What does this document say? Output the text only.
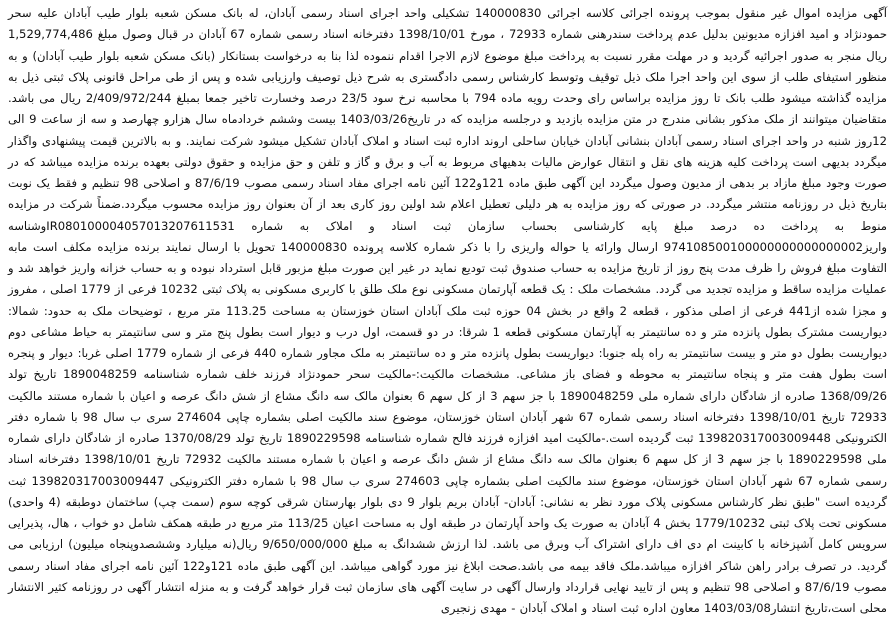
آگهی مزایده اموال غیر منقول بموجب پرونده اجرائی کلاسه اجرائی 140000830 تشکیلی واحد اجرای اسناد رسمی آبادان، له بانک مسکن شعبه بلوار طیب آبادان علیه سحر حمودنژاد و امید افزازه مدیونین بدلیل عدم پرداخت سندرهنی شماره 72933 ، مورخ 1398/10/01 دفترخانه اسناد رسمی شماره 67 آبادان در قبال وصول مبلغ 1,529,774,486 ریال منجر به صدور اجرائیه گردید و در مهلت مقرر نسبت به پرداخت مبلغ موضوع لازم الاجرا اقدام ننموده لذا بنا به درخواست بستانکار (بانک مسکن شعبه بلوار طیب آبادان) و به منظور استیفای طلب از سوی این واحد اجرا ملک ذیل توقیف وتوسط کارشناس رسمی دادگستری به شرح ذیل توصیف وارزیابی شده و پس از طی مراحل قانونی پلاک ثبتی ذیل به مزایده گذاشته میشود طلب بانک تا روز مزایده براساس رای وحدت رویه ماده 794 با محاسبه نرخ سود 23/5 درصد وخسارت تاخیر جمعا بمبلغ 2/409/972/244 ریال می باشد. متقاضیان میتوانند از ملک مذکور بشانی مندرج در متن مزایده بازدید و درجلسه مزایده که در تاریخ1403/03/26 بیست وششم خردادماه سال هزارو چهارصد و سه از ساعت 9 الی 12روز شنبه در واحد اجرای اسناد رسمی آبادان بنشانی آبادان خیابان ساحلی اروند اداره ثبت اسناد و املاک آبادان تشکیل میشود شرکت نمایند. و به بالاترین قیمت پیشنهادی واگذار میگردد بدیهی است پرداخت کلیه هزینه های نقل و انتقال عوارض مالیات بدهیهای مربوط به آب و برق و گاز و تلفن و حق مزایده و حقوق دولتی بعهده برنده مزایده میباشد که در صورت وجود مبلغ مازاد بر بدهی از مدیون وصول میگردد این آگهی طبق ماده 121و122 آئین نامه اجرای مفاد اسناد رسمی مصوب 87/6/19 و اصلاحی 98 تنظیم و فقط یک نوبت بتاریخ ذیل در روزنامه منتشر میگردد. در صورتی که روز مزایده به هر دلیلی تعطیل اعلام شد اولین روز کاری بعد از آن بعنوان روز مزایده محسوب میگردد.ضمناً شرکت در مزایده منوط به پرداخت ده درصد مبلغ پایه کارشناسی بحساب سازمان ثبت اسناد و املاک به شماره IR080100004057013207611531وشناسه واریز974108500100000000000000002 ارسال وارائه یا حواله واریزی را با ذکر شماره کلاسه پرونده 140000830 تحویل با ارسال نمایند برنده مزایده مکلف است مابه التفاوت مبلغ فروش را ظرف مدت پنج روز از تاریخ مزایده به حساب صندوق ثبت تودیع نماید در غیر این صورت مبلغ مزبور قابل استرداد نبوده و به حساب خزانه واریز خواهد شد و عملیات مزایده ساقط و مزایده تجدید می گردد. مشخصات ملک : یک قطعه آپارتمان مسکونی نوع ملک طلق با کاربری مسکونی به پلاک ثبتی 10232 فرعی از 1779 اصلی ، مفروز و مجزا شده از441 فرعی از اصلی مذکور ، قطعه 2 واقع در بخش 04 حوزه ثبت ملک آبادان استان خوزستان به مساحت 113.25 متر مربع ، توضیحات ملک به حدود: شمالا: دیواریست مشترک بطول پانزده متر و ده سانتیمتر به آپارتمان مسکونی قطعه 1 شرقا: در دو قسمت، اول درب و دیوار است بطول پنج متر و سی سانتیمتر به حیاط مشاعی دوم دیواریست بطول دو متر و بیست سانتیمتر به راه پله جنوبا: دیواریست بطول پانزده متر و ده سانتیمتر به ملک مجاور شماره 440 فرعی از شماره 1779 اصلی غربا: دیوار و پنجره است بطول هفت متر و پنجاه سانتیمتر به محوطه و فضای باز مشاعی. مشخصات مالکیت:-مالکیت سحر حمودنژاد فرزند خلف شماره شناسنامه 1890048259 تاریخ تولد 1368/09/26 صادره از شادگان دارای شماره ملی 1890048259 با جز سهم 3 از کل سهم 6 بعنوان مالک سه دانگ مشاع از شش دانگ عرصه و اعیان با شماره مستند مالکیت 72933 تاریخ 1398/10/01 دفترخانه اسناد رسمی شماره 67 شهر آبادان استان خوزستان، موضوع سند مالکیت اصلی بشماره چاپی 274604 سری ب سال 98 با شماره دفتر الکترونیکی 139820317003009448 ثبت گردیده است.-مالکیت امید افزازه فرزند فالح شماره شناسنامه 1890229598 تاریخ تولد 1370/08/29 صادره از شادگان دارای شماره ملی 1890229598 با جز سهم 3 از کل سهم 6 بعنوان مالک سه دانگ مشاع از شش دانگ عرصه و اعیان با شماره مستند مالکیت 72932 تاریخ 1398/10/01 دفترخانه اسناد رسمی شماره 67 شهر آبادان استان خوزستان، موضوع سند مالکیت اصلی بشماره چاپی 274603 سری ب سال 98 با شماره دفتر الکترونیکی 139820317003009447 ثبت گردیده است "طبق نظر کارشناس مسکونی پلاک مورد نظر به نشانی: آبادان- آبادان بریم بلوار 9 دی بلوار بهارستان شرقی کوچه سوم (سمت چپ) ساختمان دوطبقه (4 واحدی) مسکونی تحت پلاک ثبتی 1779/10232 بخش 4 آبادان به صورت یک واحد آپارتمان در طبقه اول به مساحت اعیان 113/25 متر مربع در طبقه همکف شامل دو خواب ، هال، پذیرایی سرویس کامل آشپزخانه با کابینت ام دی اف دارای اشتراک آب وبرق می باشد. لذا ارزش ششدانگ به مبلغ 9/650/000/000 ریال(نه میلیارد وششصدوپنجاه میلیون) ارزیابی می گردید. در تصرف برادر راهن شاکر افزازه میباشد.ملک فاقد بیمه می باشد.صحت ابلاغ نیز مورد گواهی میباشد. این آگهی طبق ماده 121و122 آئین نامه اجرای مفاد اسناد رسمی مصوب 87/6/19 و اصلاحی 98 تنظیم و پس از تایید نهایی قرارداد وارسال آگهی در سایت آگهی های سازمان ثبت قرار خواهد گرفت و به منزله انتشار آگهی در روزنامه کثیر الانتشار محلی است،تاریخ انتشار1403/03/08 معاون اداره ثبت اسناد و املاک آبادان - مهدی زنجیری
